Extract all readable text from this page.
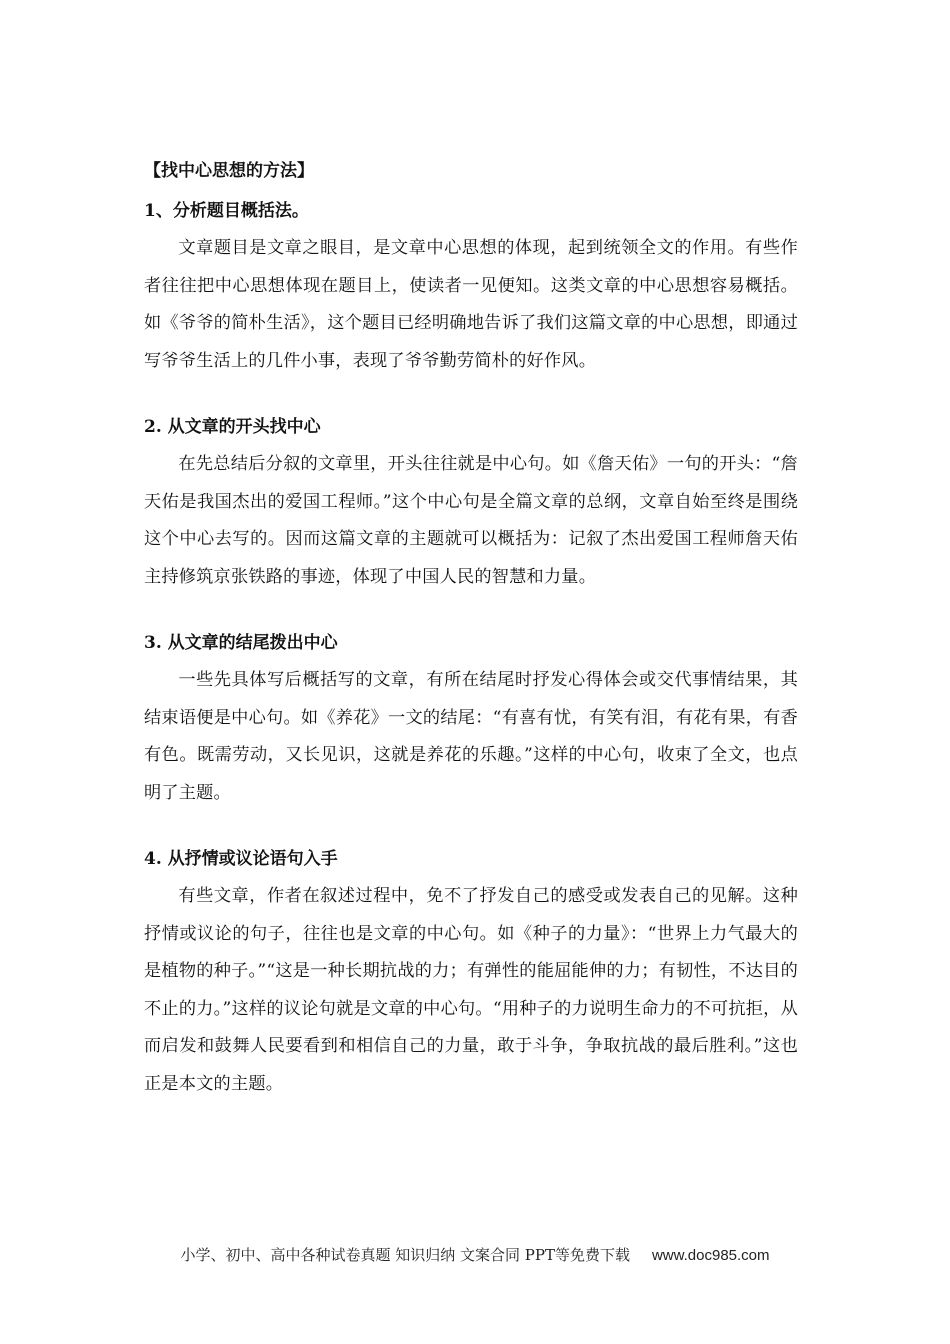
【找中心思想的方法】
1、分析题目概括法。

文章题目是文章之眼目，是文章中心思想的体现，起到统领全文的作用。有些作者往往把中心思想体现在题目上，使读者一见便知。这类文章的中心思想容易概括。如《爷爷的简朴生活》，这个题目已经明确地告诉了我们这篇文章的中心思想，即通过写爷爷生活上的几件小事，表现了爷爷勤劳简朴的好作风。

2. 从文章的开头找中心

在先总结后分叙的文章里，开头往往就是中心句。如《詹天佑》一句的开头：“詹天佑是我国杰出的爱国工程师。”这个中心句是全篇文章的总纲，文章自始至终是围绕这个中心去写的。因而这篇文章的主题就可以概括为：记叙了杰出爱国工程师詹天佑主持修筑京张铁路的事迹，体现了中国人民的智慧和力量。

3. 从文章的结尾拨出中心

一些先具体写后概括写的文章，有所在结尾时抒发心得体会或交代事情结果，其结束语便是中心句。如《养花》一文的结尾：“有喜有忧，有笑有泪，有花有果，有香有色。既需劳动，又长见识，这就是养花的乐趣。”这样的中心句，收束了全文，也点明了主题。

4. 从抒情或议论语句入手

有些文章，作者在叙述过程中，免不了抒发自己的感受或发表自己的见解。这种抒情或议论的句子，往往也是文章的中心句。如《种子的力量》：“世界上力气最大的是植物的种子。”“这是一种长期抗战的力；有弹性的能屈能伸的力；有韧性，不达目的不止的力。”这样的议论句就是文章的中心句。“用种子的力说明生命力的不可抗拒，从而启发和鼓舞人民要看到和相信自己的力量，敢于斗争，争取抗战的最后胜利。”这也正是本文的主题。

小学、初中、高中各种试卷真题 知识归纳 文案合同 PPT等免费下载 www.doc985.com
